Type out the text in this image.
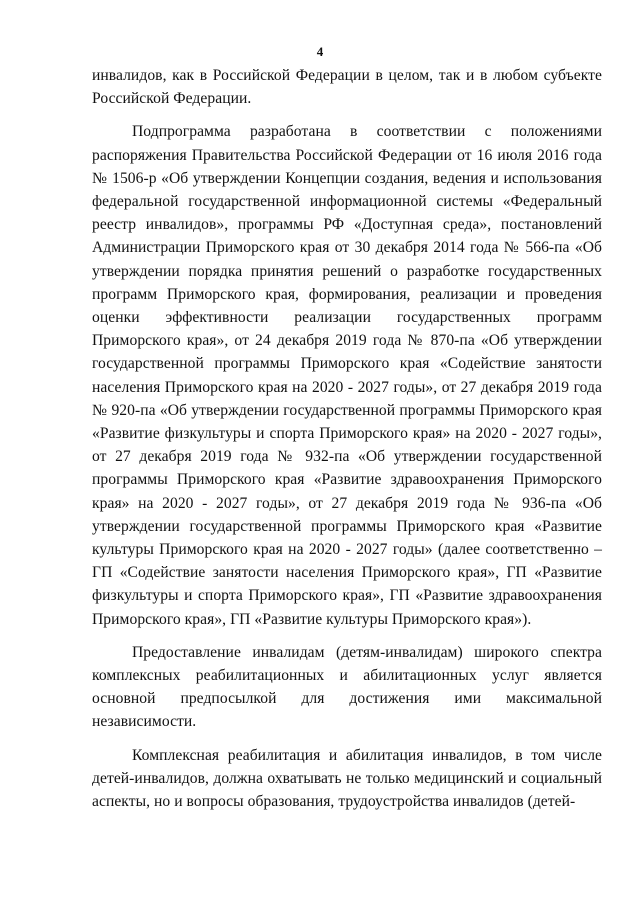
4

инвалидов, как в Российской Федерации в целом, так и в любом субъекте Российской Федерации.

Подпрограмма разработана в соответствии с положениями распоряжения Правительства Российской Федерации от 16 июля 2016 года № 1506-р «Об утверждении Концепции создания, ведения и использования федеральной государственной информационной системы «Федеральный реестр инвалидов», программы РФ «Доступная среда», постановлений Администрации Приморского края от 30 декабря 2014 года № 566-па «Об утверждении порядка принятия решений о разработке государственных программ Приморского края, формирования, реализации и проведения оценки эффективности реализации государственных программ Приморского края», от 24 декабря 2019 года № 870-па «Об утверждении государственной программы Приморского края «Содействие занятости населения Приморского края на 2020 - 2027 годы», от 27 декабря 2019 года № 920-па «Об утверждении государственной программы Приморского края «Развитие физкультуры и спорта Приморского края» на 2020 - 2027 годы», от 27 декабря 2019 года № 932-па «Об утверждении государственной программы Приморского края «Развитие здравоохранения Приморского края» на 2020 - 2027 годы», от 27 декабря 2019 года № 936-па «Об утверждении государственной программы Приморского края «Развитие культуры Приморского края на 2020 - 2027 годы» (далее соответственно – ГП «Содействие занятости населения Приморского края», ГП «Развитие физкультуры и спорта Приморского края», ГП «Развитие здравоохранения Приморского края», ГП «Развитие культуры Приморского края»).

Предоставление инвалидам (детям-инвалидам) широкого спектра комплексных реабилитационных и абилитационных услуг является основной предпосылкой для достижения ими максимальной независимости.

Комплексная реабилитация и абилитация инвалидов, в том числе детей-инвалидов, должна охватывать не только медицинский и социальный аспекты, но и вопросы образования, трудоустройства инвалидов (детей-
